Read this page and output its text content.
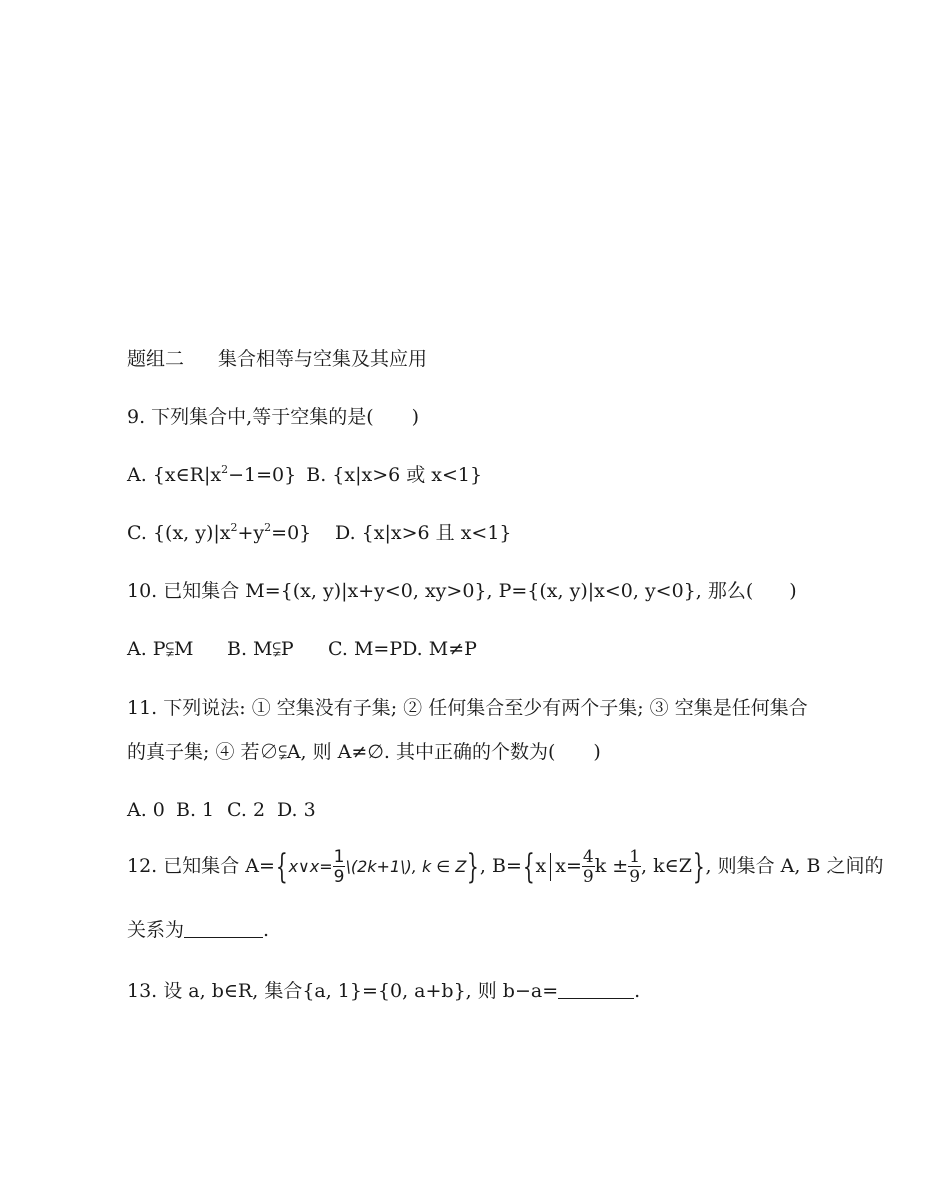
题组二 集合相等与空集及其应用
9. 下列集合中,等于空集的是( )
A. $\{x\in R|x^2-1=0\}$ B. {x|x>6 或 x<1}
C. {(x, $y)|x^2+y^2=0$} D. {x|x>6 且 x<1}
10. 已知集合 M={(x, y)|x+y<0, xy>0}, P={(x, y)|x<0, y<0}, 那么( )
A. P⫋M B. M⫋P C. M=PD. M≠P
11. 下列说法: ① 空集没有子集; ② 任何集合至少有两个子集; ③ 空集是任何集合
的真子集; ④ 若∅⫋A, 则 A≠∅. 其中正确的个数为( )
A. 0 B. 1 C. 2 D. 3
12. 已知集合 A={x∨x= $\frac{1}{9}$ \(2k+1\), k ∈ Z}, B={x $x= \frac{4}{9}$ $k \pm \frac{1}{9}$ , k∈Z}, 则集合 A, B 之间的
关系为	.
13. 设 a, b∈R, 集合{a, 1}={0, a+b}, 则 b−a=	.
